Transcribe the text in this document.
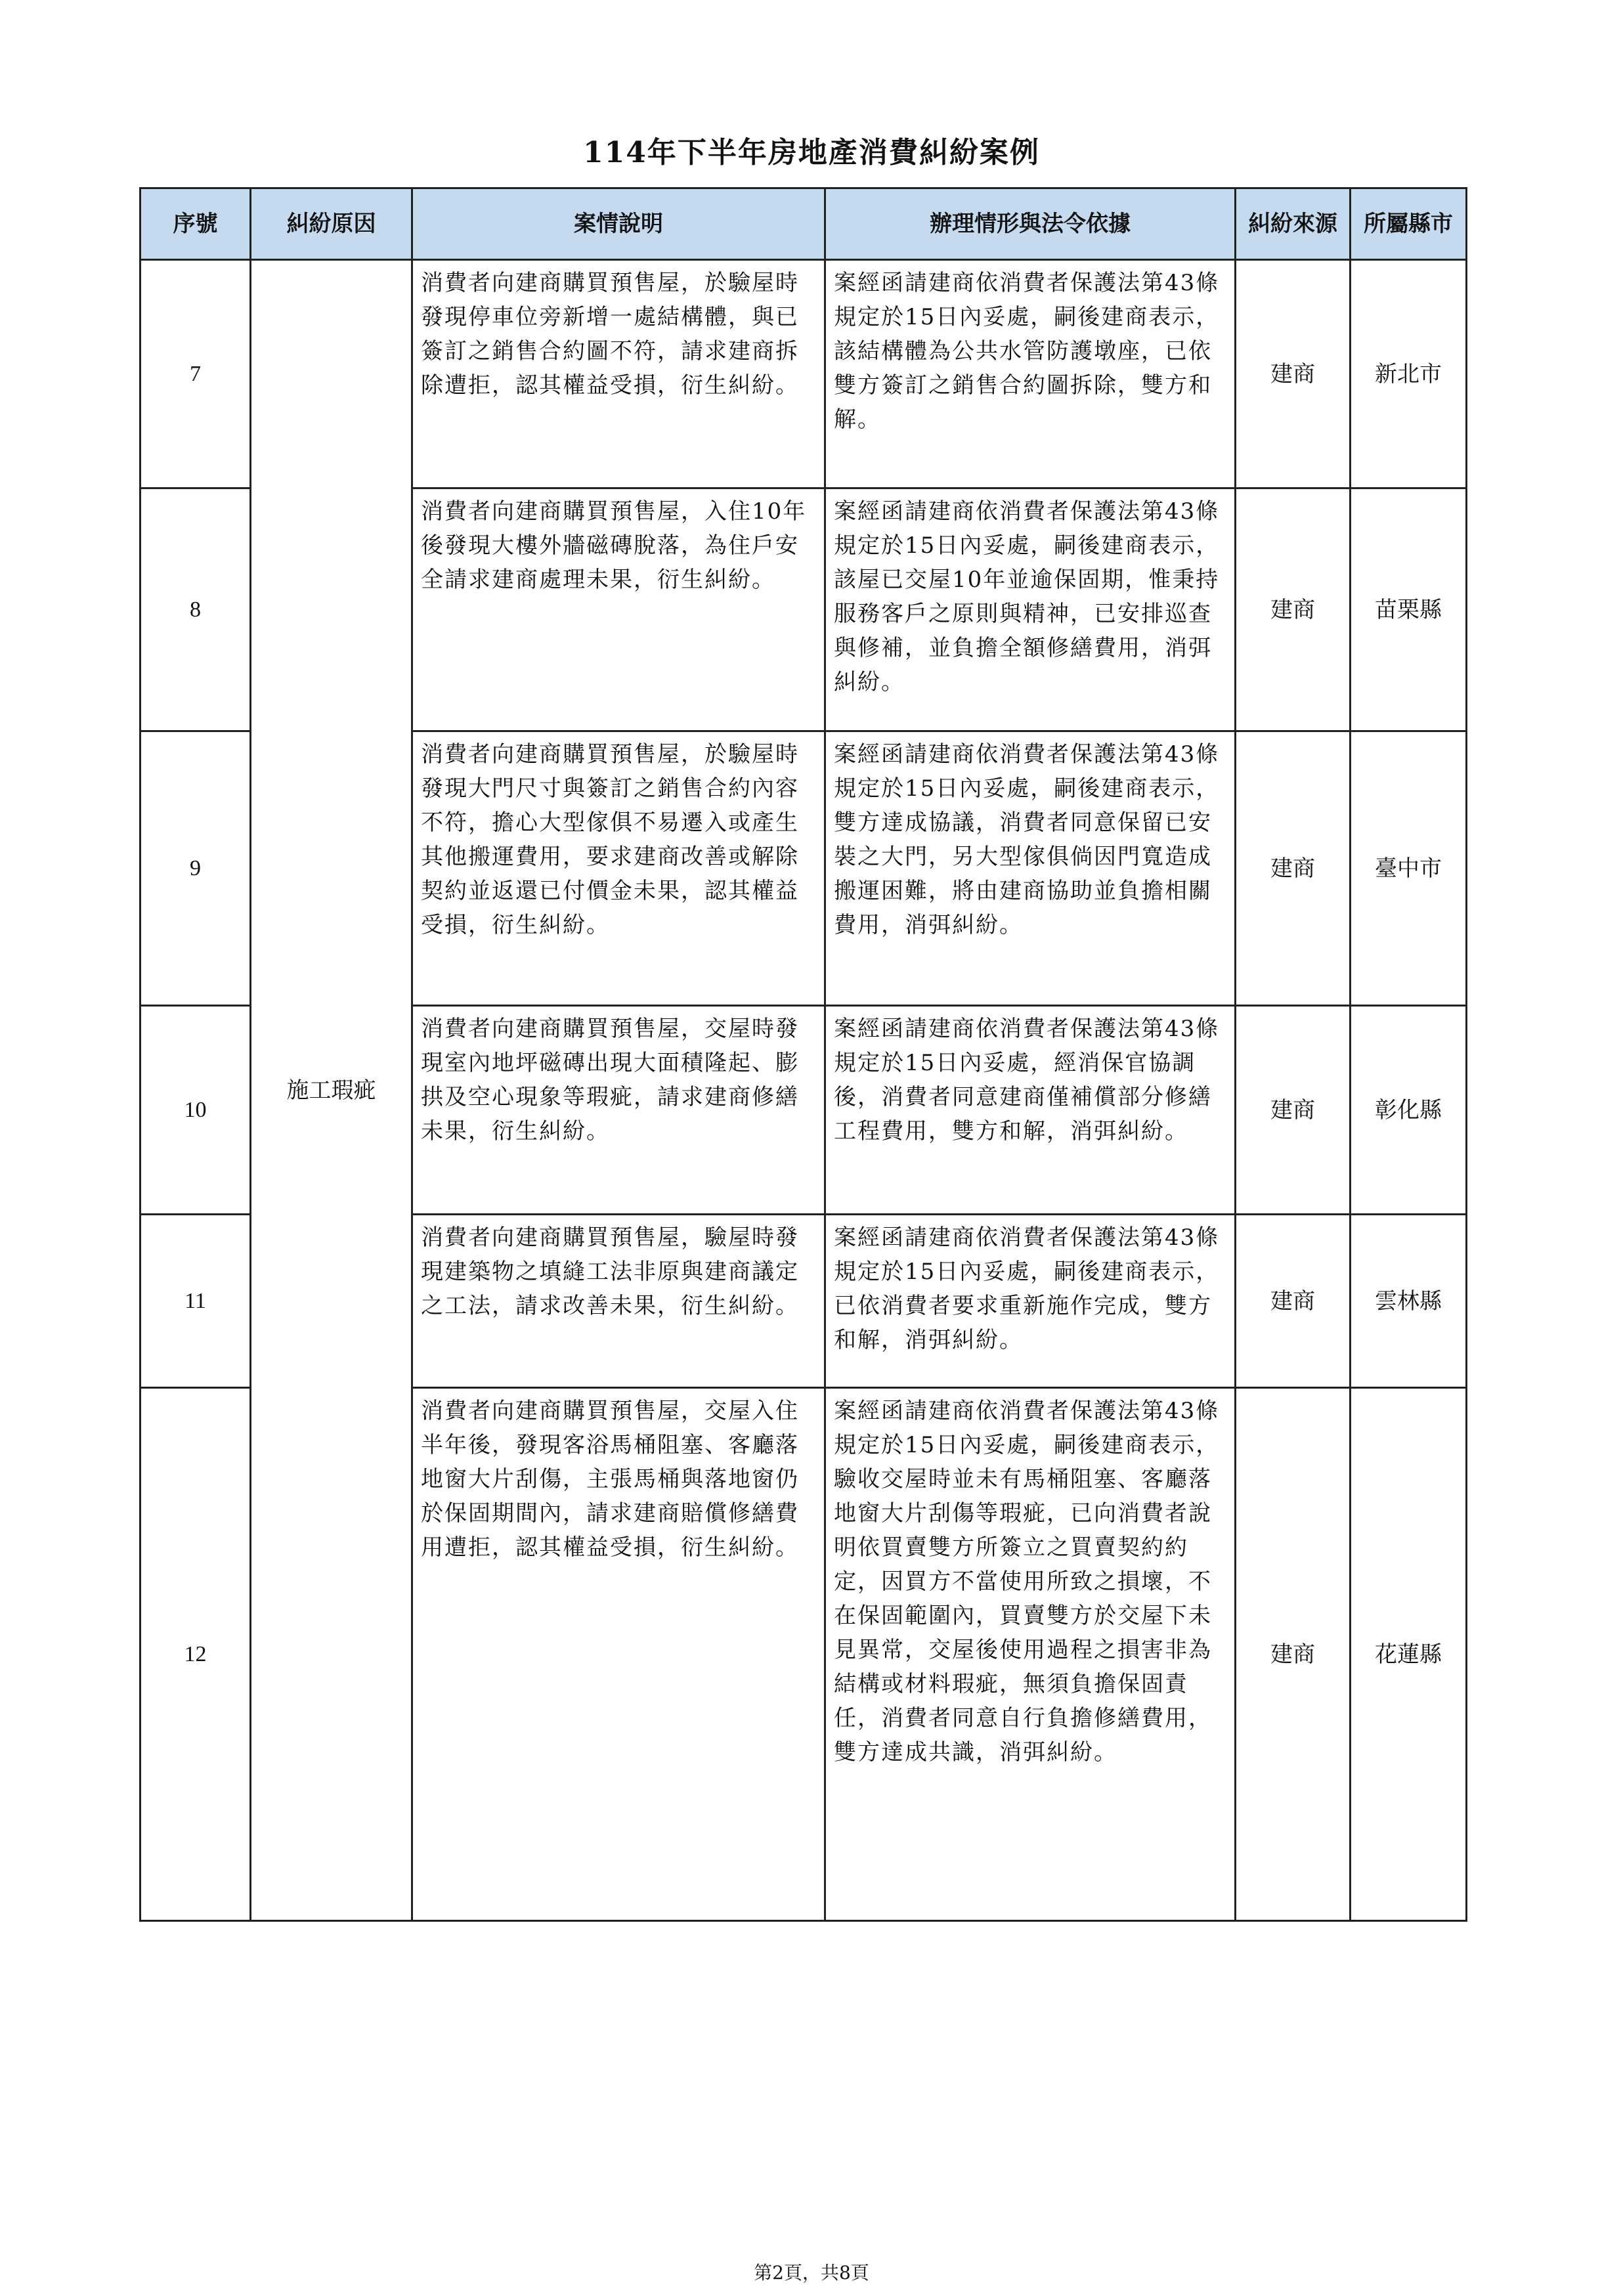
114年下半年房地產消費糾紛案例
序號	糾紛原因	案情說明	辦理情形與法令依據	糾紛來源	所屬縣市
7	施工瑕疵	消費者向建商購買預售屋，於驗屋時發現停車位旁新增一處結構體，與已簽訂之銷售合約圖不符，請求建商拆除遭拒，認其權益受損，衍生糾紛。	案經函請建商依消費者保護法第43條規定於15日內妥處，嗣後建商表示，該結構體為公共水管防護墩座，已依雙方簽訂之銷售合約圖拆除，雙方和解。	建商	新北市
8		消費者向建商購買預售屋，入住10年後發現大樓外牆磁磚脫落，為住戶安全請求建商處理未果，衍生糾紛。	案經函請建商依消費者保護法第43條規定於15日內妥處，嗣後建商表示，該屋已交屋10年並逾保固期，惟秉持服務客戶之原則與精神，已安排巡查與修補，並負擔全額修繕費用，消弭糾紛。	建商	苗栗縣
9		消費者向建商購買預售屋，於驗屋時發現大門尺寸與簽訂之銷售合約內容不符，擔心大型傢俱不易遷入或產生其他搬運費用，要求建商改善或解除契約並返還已付價金未果，認其權益受損，衍生糾紛。	案經函請建商依消費者保護法第43條規定於15日內妥處，嗣後建商表示，雙方達成協議，消費者同意保留已安裝之大門，另大型傢俱倘因門寬造成搬運困難，將由建商協助並負擔相關費用，消弭糾紛。	建商	臺中市
10		消費者向建商購買預售屋，交屋時發現室內地坪磁磚出現大面積隆起、膨拱及空心現象等瑕疵，請求建商修繕未果，衍生糾紛。	案經函請建商依消費者保護法第43條規定於15日內妥處，經消保官協調後，消費者同意建商僅補償部分修繕工程費用，雙方和解，消弭糾紛。	建商	彰化縣
11		消費者向建商購買預售屋，驗屋時發現建築物之填縫工法非原與建商議定之工法，請求改善未果，衍生糾紛。	案經函請建商依消費者保護法第43條規定於15日內妥處，嗣後建商表示，已依消費者要求重新施作完成，雙方和解，消弭糾紛。	建商	雲林縣
12		消費者向建商購買預售屋，交屋入住半年後，發現客浴馬桶阻塞、客廳落地窗大片刮傷，主張馬桶與落地窗仍於保固期間內，請求建商賠償修繕費用遭拒，認其權益受損，衍生糾紛。	案經函請建商依消費者保護法第43條規定於15日內妥處，嗣後建商表示，驗收交屋時並未有馬桶阻塞、客廳落地窗大片刮傷等瑕疵，已向消費者說明依買賣雙方所簽立之買賣契約約定，因買方不當使用所致之損壞，不在保固範圍內，買賣雙方於交屋下未見異常，交屋後使用過程之損害非為結構或材料瑕疵，無須負擔保固責任，消費者同意自行負擔修繕費用，雙方達成共識，消弭糾紛。	建商	花蓮縣

第2頁，共8頁
